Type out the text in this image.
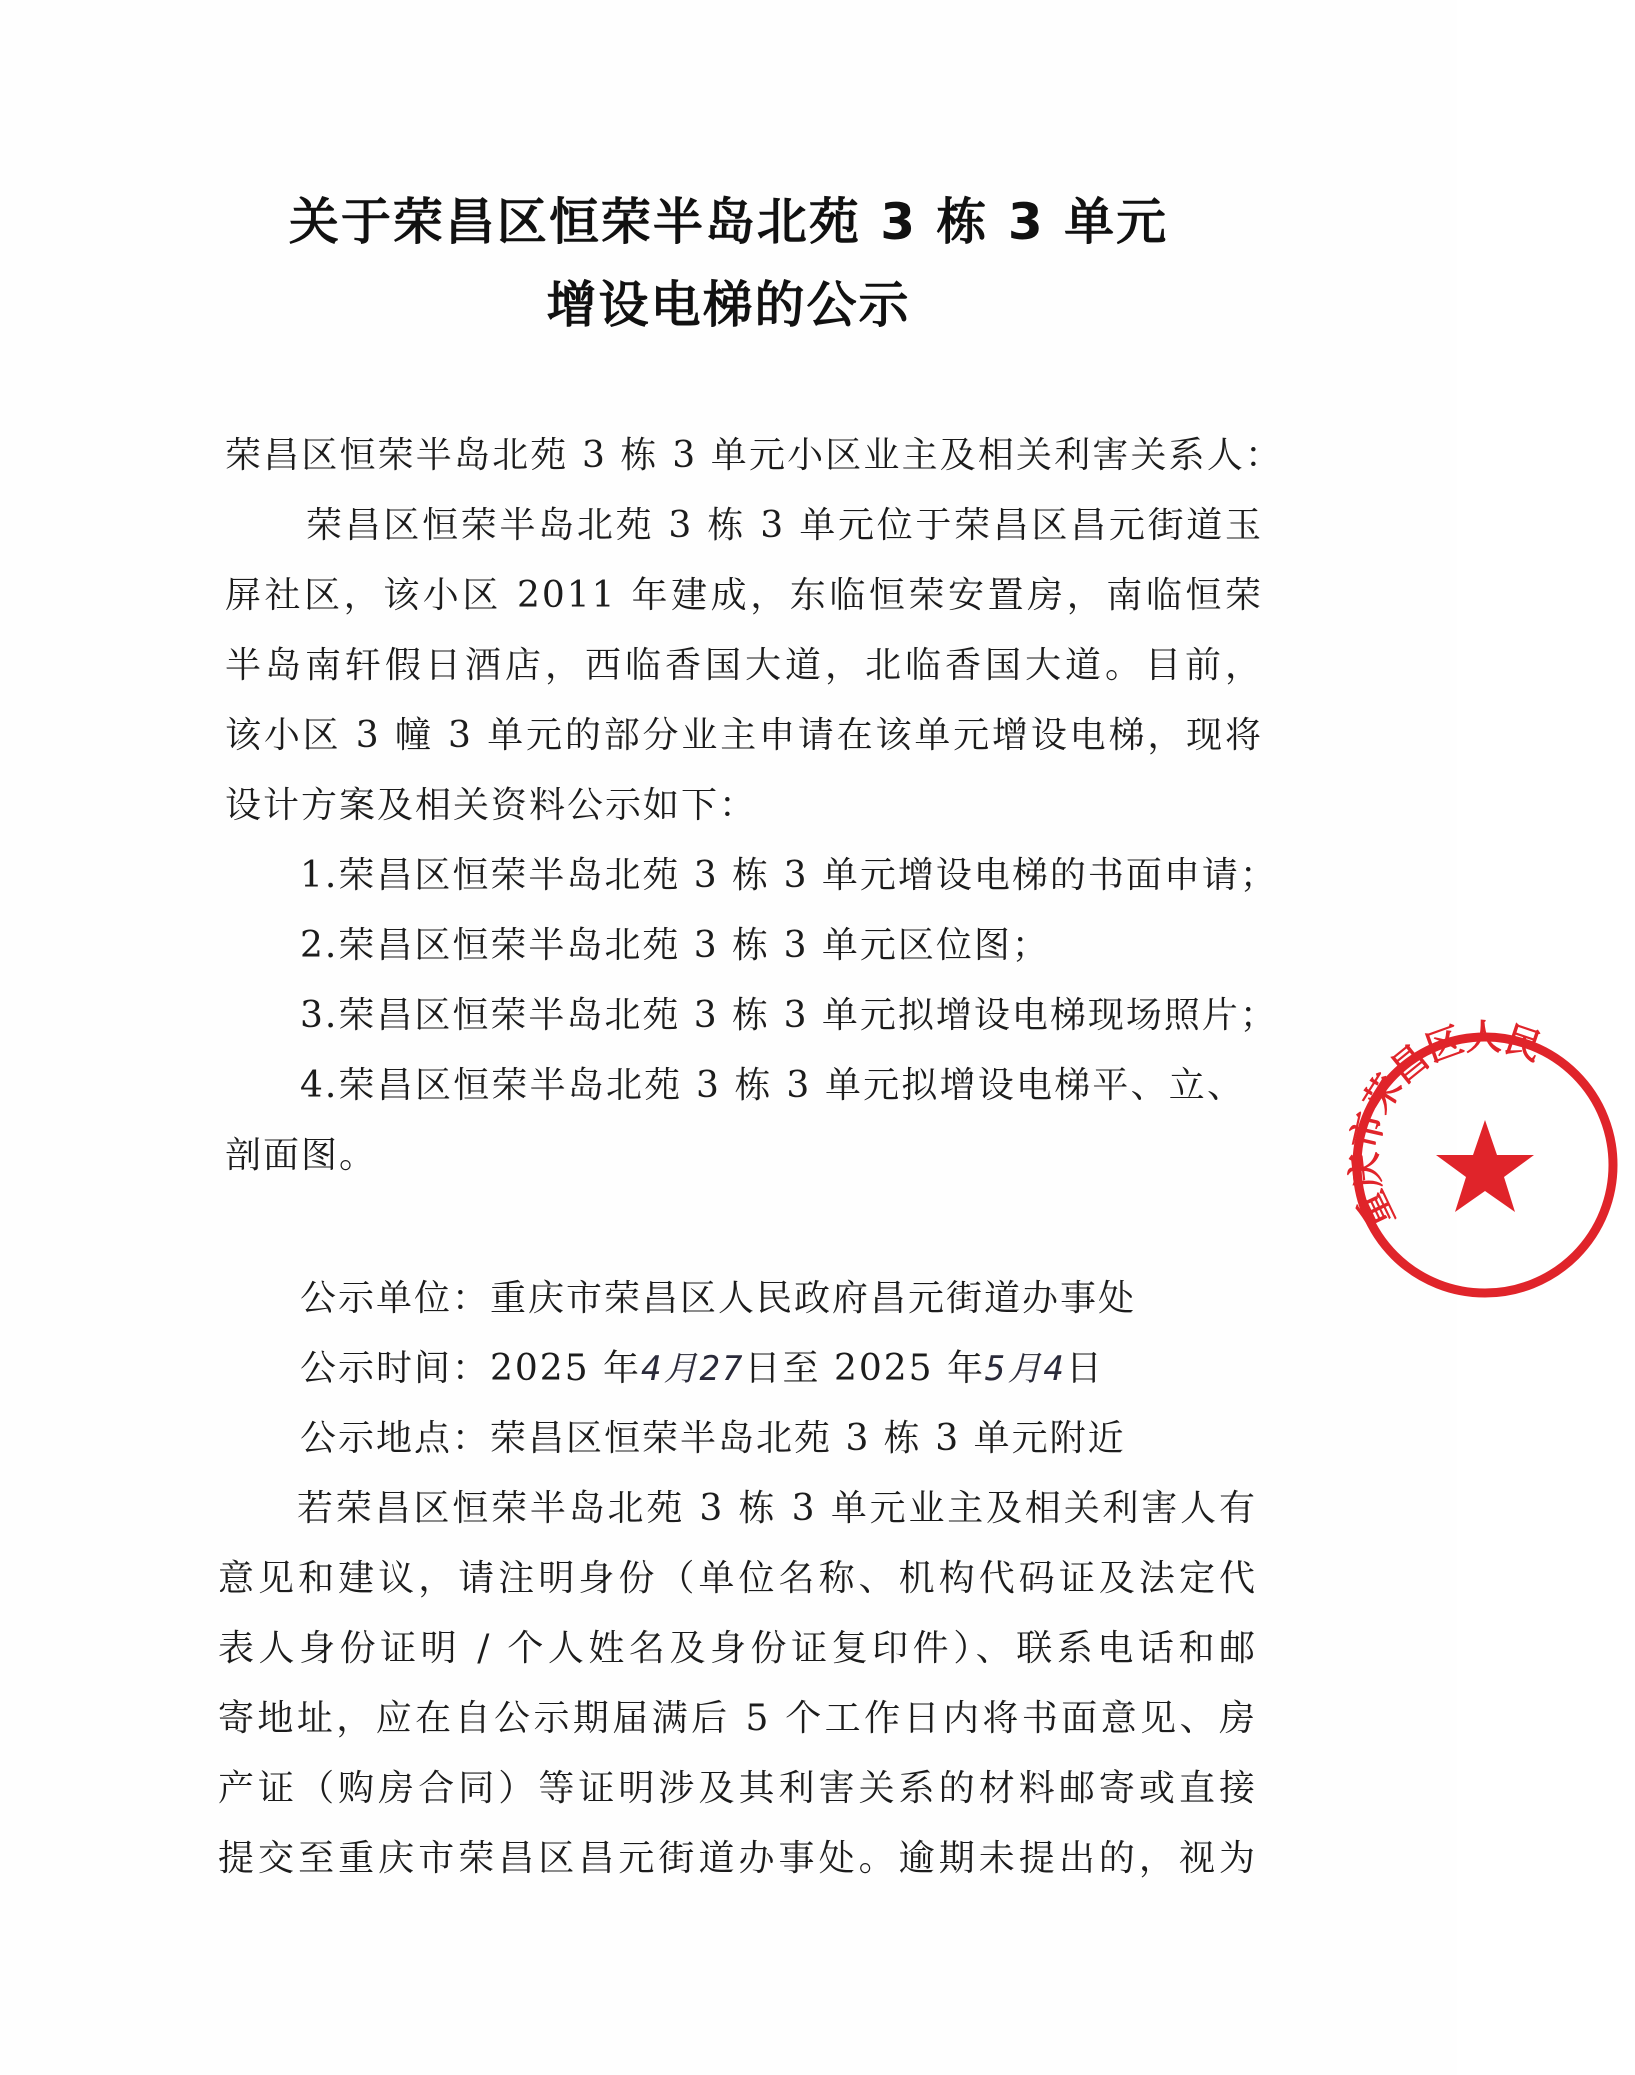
关于荣昌区恒荣半岛北苑 3 栋 3 单元
增设电梯的公示
荣昌区恒荣半岛北苑 3 栋 3 单元小区业主及相关利害关系人：
荣昌区恒荣半岛北苑 3 栋 3 单元位于荣昌区昌元街道玉
屏社区，该小区 2011 年建成，东临恒荣安置房，南临恒荣
半岛南轩假日酒店，西临香国大道，北临香国大道。目前，
该小区 3 幢 3 单元的部分业主申请在该单元增设电梯，现将
设计方案及相关资料公示如下：
1.荣昌区恒荣半岛北苑 3 栋 3 单元增设电梯的书面申请；
2.荣昌区恒荣半岛北苑 3 栋 3 单元区位图；
3.荣昌区恒荣半岛北苑 3 栋 3 单元拟增设电梯现场照片；
4.荣昌区恒荣半岛北苑 3 栋 3 单元拟增设电梯平、立、
剖面图。
公示单位：重庆市荣昌区人民政府昌元街道办事处
公示时间：2025 年4月27日至 2025 年5月4日
公示地点：荣昌区恒荣半岛北苑 3 栋 3 单元附近
若荣昌区恒荣半岛北苑 3 栋 3 单元业主及相关利害人有
意见和建议，请注明身份（单位名称、机构代码证及法定代
表人身份证明 / 个人姓名及身份证复印件）、联系电话和邮
寄地址，应在自公示期届满后 5 个工作日内将书面意见、房
产证（购房合同）等证明涉及其利害关系的材料邮寄或直接
提交至重庆市荣昌区昌元街道办事处。逾期未提出的，视为
重庆市荣昌区人民
